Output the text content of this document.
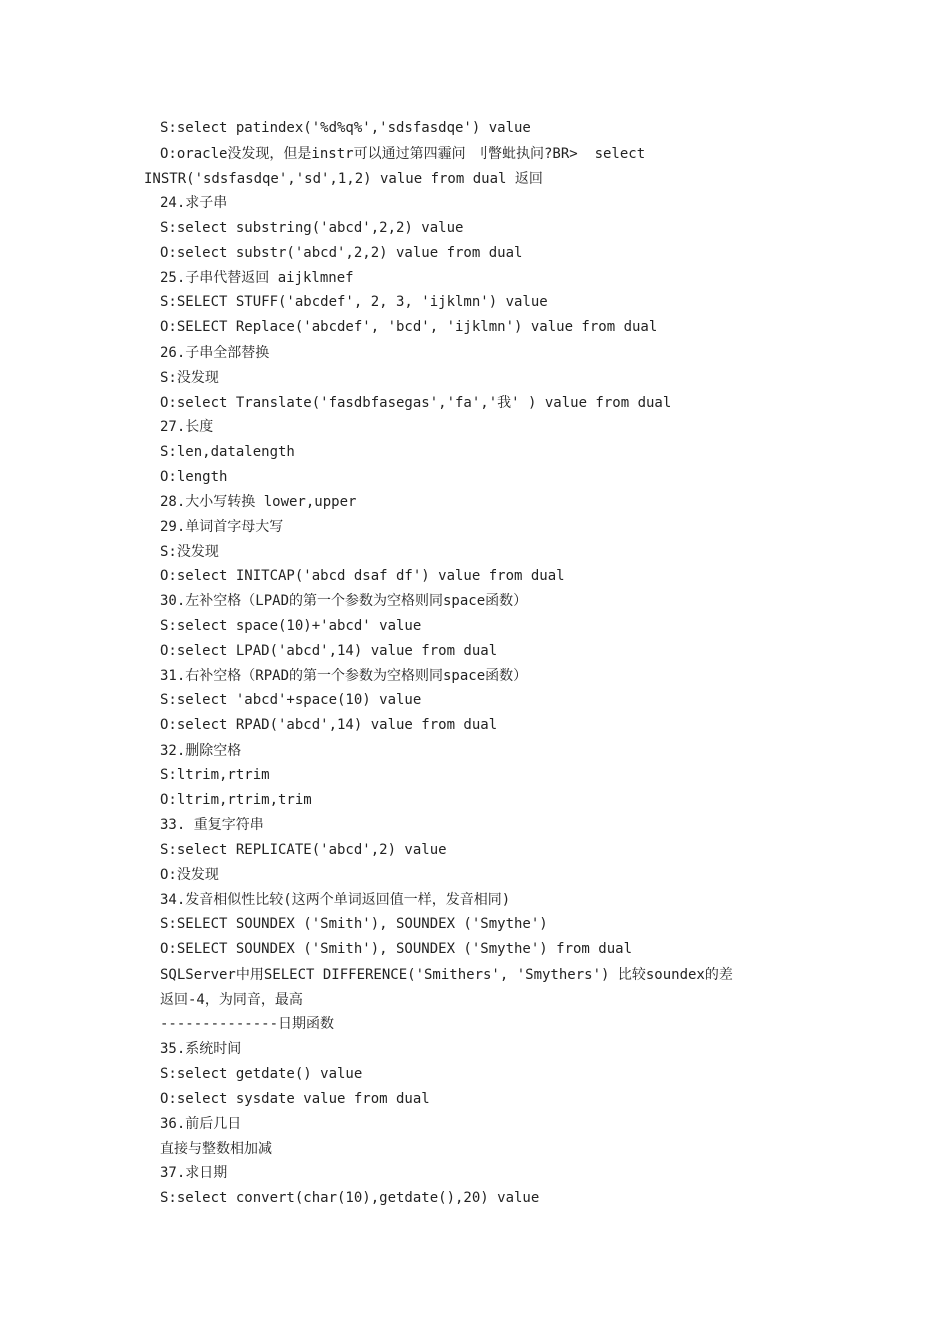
S:select patindex('%d%q%','sdsfasdqe') value
O:oracle没发现，但是instr可以通过第四霾问 刂瞥蚍执问?BR>  select
INSTR('sdsfasdqe','sd',1,2) value from dual 返回
24.求子串
S:select substring('abcd',2,2) value
O:select substr('abcd',2,2) value from dual
25.子串代替返回 aijklmnef
S:SELECT STUFF('abcdef', 2, 3, 'ijklmn') value
O:SELECT Replace('abcdef', 'bcd', 'ijklmn') value from dual
26.子串全部替换
S:没发现
O:select Translate('fasdbfasegas','fa','我' ) value from dual
27.长度
S:len,datalength
O:length
28.大小写转换 lower,upper
29.单词首字母大写
S:没发现
O:select INITCAP('abcd dsaf df') value from dual
30.左补空格（LPAD的第一个参数为空格则同space函数）
S:select space(10)+'abcd' value
O:select LPAD('abcd',14) value from dual
31.右补空格（RPAD的第一个参数为空格则同space函数）
S:select 'abcd'+space(10) value
O:select RPAD('abcd',14) value from dual
32.删除空格
S:ltrim,rtrim
O:ltrim,rtrim,trim
33. 重复字符串
S:select REPLICATE('abcd',2) value
O:没发现
34.发音相似性比较(这两个单词返回值一样，发音相同)
S:SELECT SOUNDEX ('Smith'), SOUNDEX ('Smythe')
O:SELECT SOUNDEX ('Smith'), SOUNDEX ('Smythe') from dual
SQLServer中用SELECT DIFFERENCE('Smithers', 'Smythers') 比较soundex的差
返回-4，为同音，最高
--------------日期函数
35.系统时间
S:select getdate() value
O:select sysdate value from dual
36.前后几日
直接与整数相加减
37.求日期
S:select convert(char(10),getdate(),20) value
